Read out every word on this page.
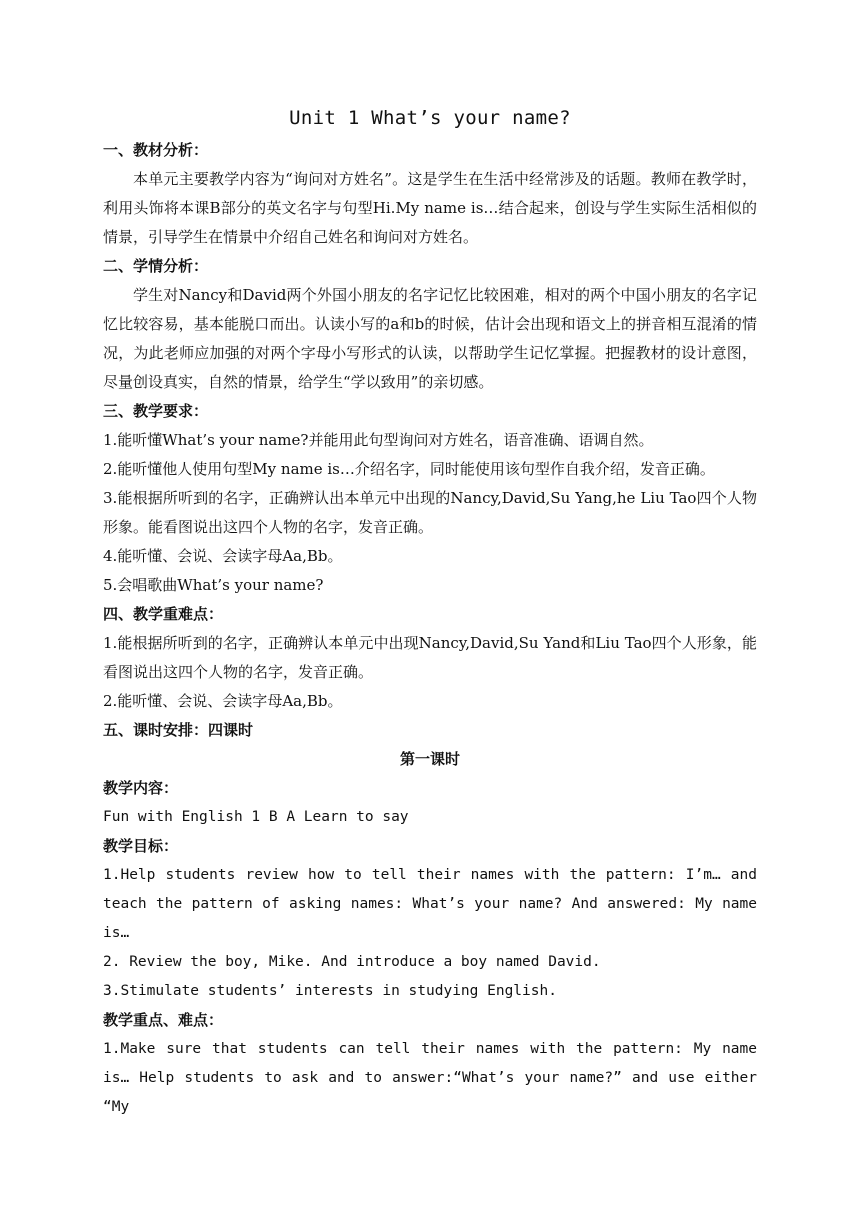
Unit 1 What’s your name?

一、教材分析：

本单元主要教学内容为“询问对方姓名”。这是学生在生活中经常涉及的话题。教师在教学时，利用头饰将本课B部分的英文名字与句型Hi.My name is…结合起来，创设与学生实际生活相似的情景，引导学生在情景中介绍自己姓名和询问对方姓名。

二、学情分析：

学生对Nancy和David两个外国小朋友的名字记忆比较困难，相对的两个中国小朋友的名字记忆比较容易，基本能脱口而出。认读小写的a和b的时候，估计会出现和语文上的拼音相互混淆的情况，为此老师应加强的对两个字母小写形式的认读，以帮助学生记忆掌握。把握教材的设计意图，尽量创设真实，自然的情景，给学生“学以致用”的亲切感。

三、教学要求：

1.能听懂What’s your name?并能用此句型询问对方姓名，语音准确、语调自然。

2.能听懂他人使用句型My name is…介绍名字，同时能使用该句型作自我介绍，发音正确。

3.能根据所听到的名字，正确辨认出本单元中出现的Nancy,David,Su Yang,he Liu Tao四个人物形象。能看图说出这四个人物的名字，发音正确。

4.能听懂、会说、会读字母Aa,Bb。

5.会唱歌曲What’s your name?

四、教学重难点：

1.能根据所听到的名字，正确辨认本单元中出现Nancy,David,Su Yand和Liu Tao四个人形象，能看图说出这四个人物的名字，发音正确。

2.能听懂、会说、会读字母Aa,Bb。

五、课时安排：四课时

第一课时

教学内容：

Fun with English 1 B A Learn to say

教学目标：

1.Help students review how to tell their names with the pattern: I’m… and teach the pattern of asking names: What’s your name? And answered: My name is…

2. Review the boy, Mike. And introduce a boy named David.

3.Stimulate students’ interests in studying English.

教学重点、难点：

1.Make sure that students can tell their names with the pattern: My name is… Help students to ask and to answer:“What’s your name?” and use either “My
